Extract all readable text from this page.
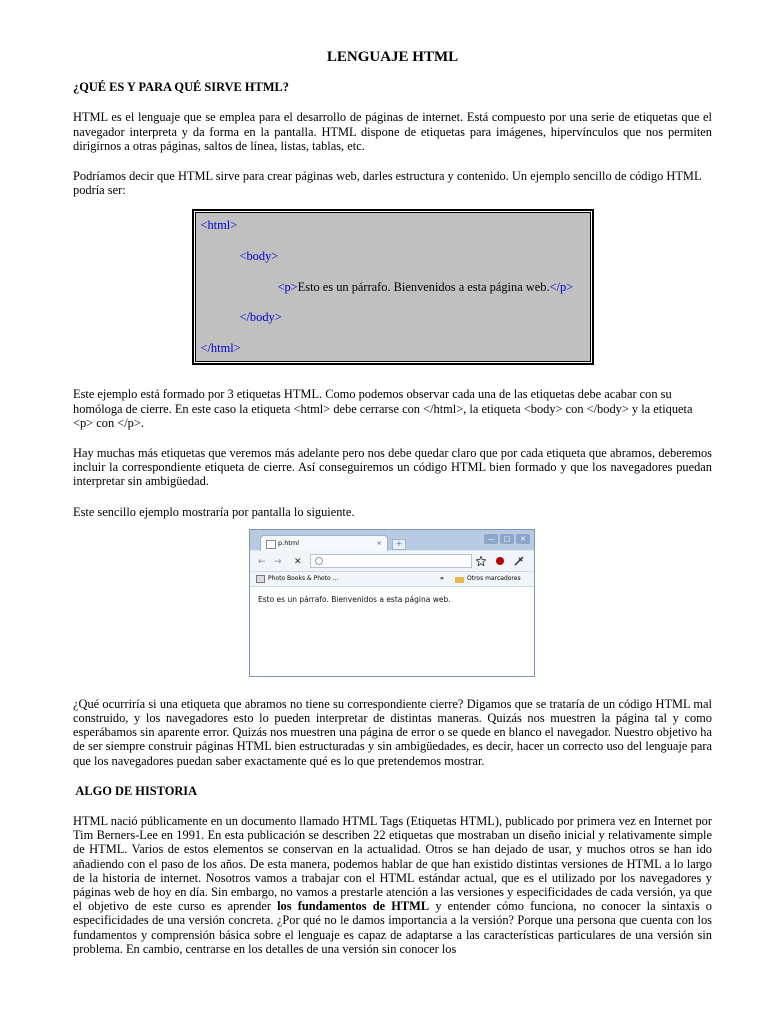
LENGUAJE HTML
¿QUÉ ES Y PARA QUÉ SIRVE HTML?
HTML es el lenguaje que se emplea para el desarrollo de páginas de internet. Está compuesto por una serie de etiquetas que el navegador interpreta y da forma en la pantalla. HTML dispone de etiquetas para imágenes, hipervínculos que nos permiten dirigirnos a otras páginas, saltos de línea, listas, tablas, etc.
Podríamos decir que HTML sirve para crear páginas web, darles estructura y contenido. Un ejemplo sencillo de código HTML podría ser:
<html>
<body>
<p>Esto es un párrafo. Bienvenidos a esta página web.</p>
</body>
</html>
Este ejemplo está formado por 3 etiquetas HTML. Como podemos observar cada una de las etiquetas debe acabar con su homóloga de cierre. En este caso la etiqueta <html> debe cerrarse con </html>, la etiqueta <body> con </body> y la etiqueta <p> con </p>.
Hay muchas más etiquetas que veremos más adelante pero nos debe quedar claro que por cada etiqueta que abramos, deberemos incluir la correspondiente etiqueta de cierre. Así conseguiremos un código HTML bien formado y que los navegadores puedan interpretar sin ambigüedad.
Este sencillo ejemplo mostraría por pantalla lo siguiente.
p.html	×	+	— □ ✕
← → ✕
Photo Books & Photo ...	»	Otros marcadores
Esto es un párrafo. Bienvenidos a esta página web.
¿Qué ocurriría si una etiqueta que abramos no tiene su correspondiente cierre? Digamos que se trataría de un código HTML mal construido, y los navegadores esto lo pueden interpretar de distintas maneras. Quizás nos muestren la página tal y como esperábamos sin aparente error. Quizás nos muestren una página de error o se quede en blanco el navegador. Nuestro objetivo ha de ser siempre construir páginas HTML bien estructuradas y sin ambigüedades, es decir, hacer un correcto uso del lenguaje para que los navegadores puedan saber exactamente qué es lo que pretendemos mostrar.
ALGO DE HISTORIA
HTML nació públicamente en un documento llamado HTML Tags (Etiquetas HTML), publicado por primera vez en Internet por Tim Berners-Lee en 1991. En esta publicación se describen 22 etiquetas que mostraban un diseño inicial y relativamente simple de HTML. Varios de estos elementos se conservan en la actualidad. Otros se han dejado de usar, y muchos otros se han ido añadiendo con el paso de los años. De esta manera, podemos hablar de que han existido distintas versiones de HTML a lo largo de la historia de internet. Nosotros vamos a trabajar con el HTML estándar actual, que es el utilizado por los navegadores y páginas web de hoy en día. Sin embargo, no vamos a prestarle atención a las versiones y especificidades de cada versión, ya que el objetivo de este curso es aprender los fundamentos de HTML y entender cómo funciona, no conocer la sintaxis o especificidades de una versión concreta. ¿Por qué no le damos importancia a la versión? Porque una persona que cuenta con los fundamentos y comprensión básica sobre el lenguaje es capaz de adaptarse a las características particulares de una versión sin problema. En cambio, centrarse en los detalles de una versión sin conocer los
